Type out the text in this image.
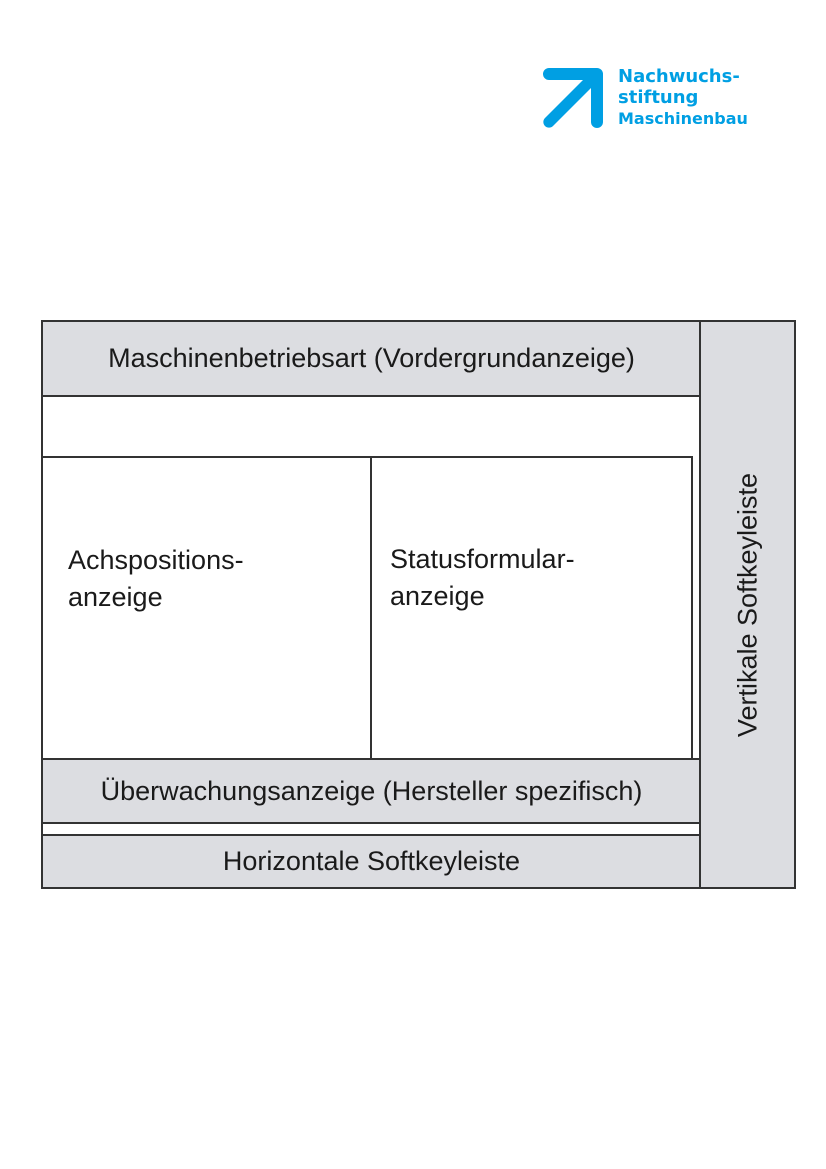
Nachwuchs-
stiftung
Maschinenbau

Maschinenbetriebsart (Vordergrundanzeige)
Achspositions-
anzeige
Statusformular-
anzeige
Überwachungsanzeige (Hersteller spezifisch)
Horizontale Softkeyleiste
Vertikale Softkeyleiste
